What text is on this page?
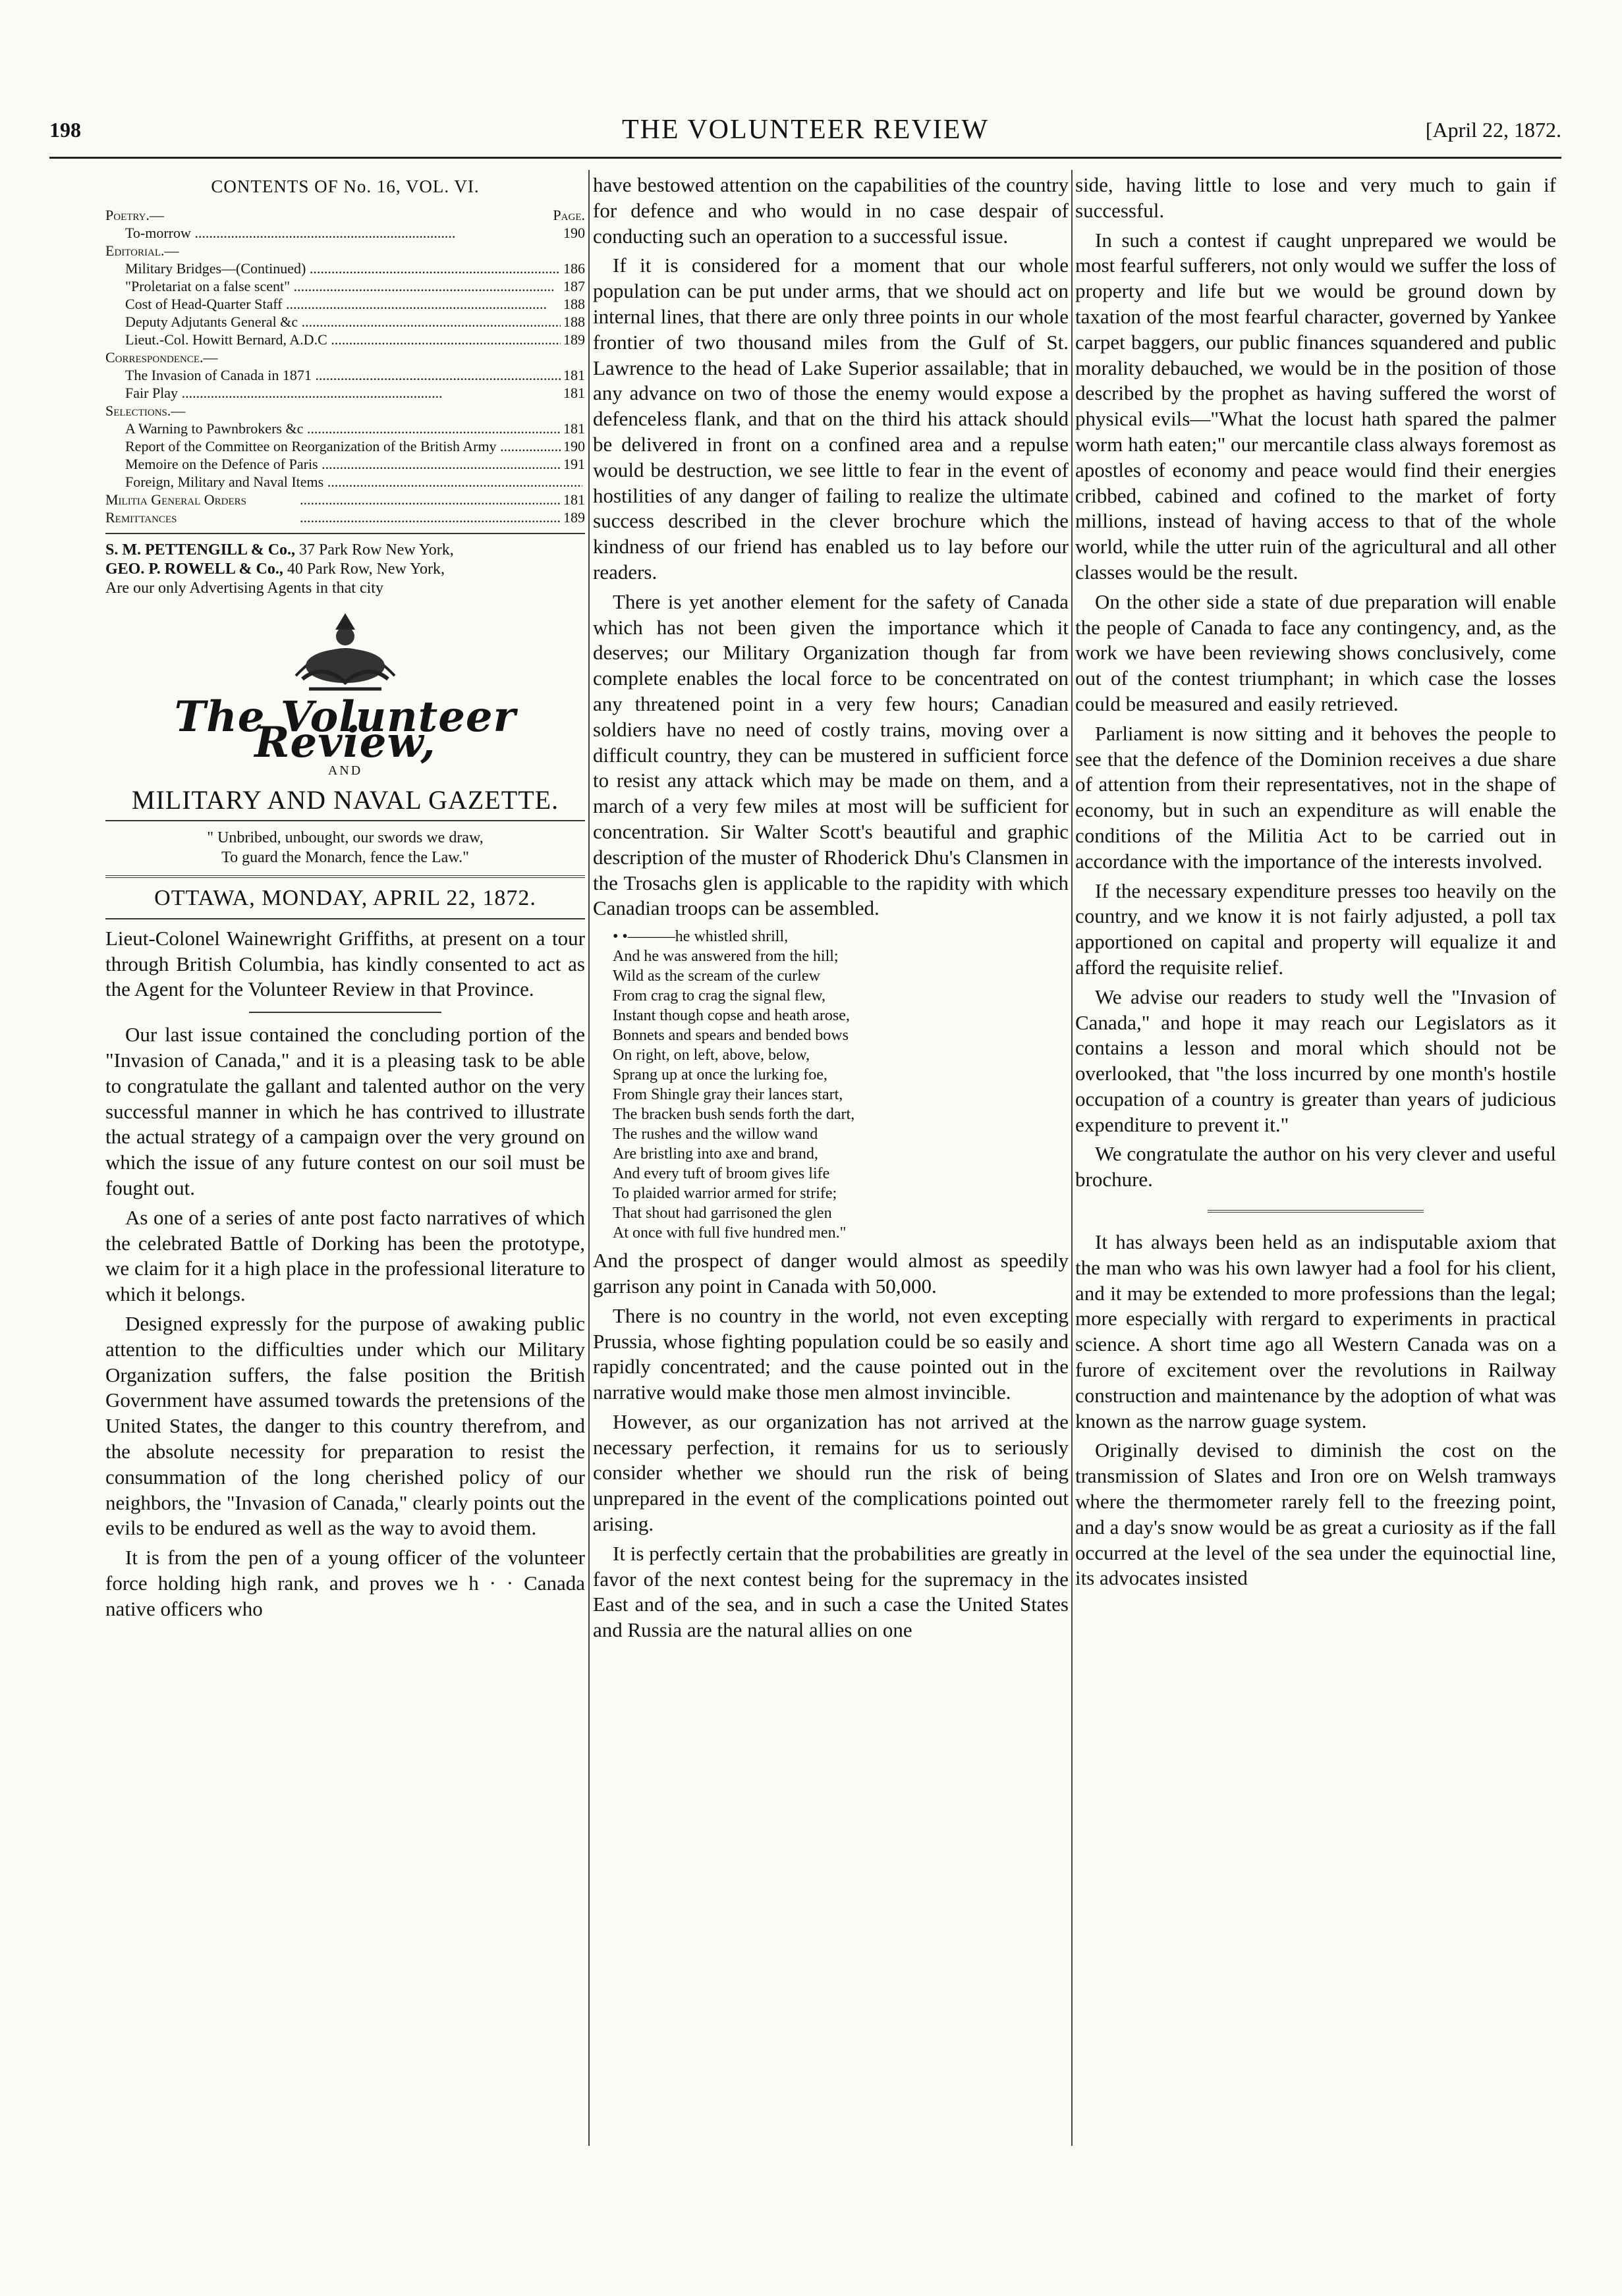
198	THE VOLUNTEER REVIEW	[April 22, 1872.
CONTENTS OF No. 16, VOL. VI.
Poetry.—	Page.
To-morrow .....	190
Editorial.—
Military Bridges—(Continued) .....	186
"Proletariat on a false scent" .....	187
Cost of Head-Quarter Staff .....	188
Deputy Adjutants General &c .....	188
Lieut.-Col. Howitt Bernard, A.D.C .....	189
Correspondence.—
The Invasion of Canada in 1871 .....	181
Fair Play .....	181
Selections.—
A Warning to Pawnbrokers &c .....	181
Report of the Committee on Reorganization of the British Army .....	190
Memoire on the Defence of Paris .....	191
Foreign, Military and Naval Items .....
Militia General Orders .....	181
Remittances .....	189
S. M. PETTENGILL & Co., 37 Park Row New York,
GEO. P. ROWELL & Co., 40 Park Row, New York,
Are our only Advertising Agents in that city
The Volunteer Review,
AND
MILITARY AND NAVAL GAZETTE.
" Unbribed, unbought, our swords we draw,
To guard the Monarch, fence the Law."
OTTAWA, MONDAY, APRIL 22, 1872.

Lieut-Colonel Wainewright Griffiths, at present on a tour through British Columbia, has kindly consented to act as the Agent for the Volunteer Review in that Province.

Our last issue contained the concluding portion of the "Invasion of Canada," and it is a pleasing task to be able to congratulate the gallant and talented author on the very successful manner in which he has contrived to illustrate the actual strategy of a campaign over the very ground on which the issue of any future contest on our soil must be fought out.

As one of a series of ante post facto narratives of which the celebrated Battle of Dorking has been the prototype, we claim for it a high place in the professional literature to which it belongs.

Designed expressly for the purpose of awaking public attention to the difficulties under which our Military Organization suffers, the false position the British Government have assumed towards the pretensions of the United States, the danger to this country therefrom, and the absolute necessity for preparation to resist the consummation of the long cherished policy of our neighbors, the "Invasion of Canada," clearly points out the evils to be endured as well as the way to avoid them.

It is from the pen of a young officer of the volunteer force holding high rank, and proves we h · · Canada native officers who

have bestowed attention on the capabilities of the country for defence and who would in no case despair of conducting such an operation to a successful issue.

If it is considered for a moment that our whole population can be put under arms, that we should act on internal lines, that there are only three points in our whole frontier of two thousand miles from the Gulf of St. Lawrence to the head of Lake Superior assailable; that in any advance on two of those the enemy would expose a defenceless flank, and that on the third his attack should be delivered in front on a confined area and a repulse would be destruction, we see little to fear in the event of hostilities of any danger of failing to realize the ultimate success described in the clever brochure which the kindness of our friend has enabled us to lay before our readers.

There is yet another element for the safety of Canada which has not been given the importance which it deserves; our Military Organization though far from complete enables the local force to be concentrated on any threatened point in a very few hours; Canadian soldiers have no need of costly trains, moving over a difficult country, they can be mustered in sufficient force to resist any attack which may be made on them, and a march of a very few miles at most will be sufficient for concentration. Sir Walter Scott's beautiful and graphic description of the muster of Rhoderick Dhu's Clansmen in the Trosachs glen is applicable to the rapidity with which Canadian troops can be assembled.

• •———he whistled shrill,
And he was answered from the hill;
Wild as the scream of the curlew
From crag to crag the signal flew,
Instant though copse and heath arose,
Bonnets and spears and bended bows
On right, on left, above, below,
Sprang up at once the lurking foe,
From Shingle gray their lances start,
The bracken bush sends forth the dart,
The rushes and the willow wand
Are bristling into axe and brand,
And every tuft of broom gives life
To plaided warrior armed for strife;
That shout had garrisoned the glen
At once with full five hundred men."

And the prospect of danger would almost as speedily garrison any point in Canada with 50,000.

There is no country in the world, not even excepting Prussia, whose fighting population could be so easily and rapidly concentrated; and the cause pointed out in the narrative would make those men almost invincible.

However, as our organization has not arrived at the necessary perfection, it remains for us to seriously consider whether we should run the risk of being unprepared in the event of the complications pointed out arising.

It is perfectly certain that the probabilities are greatly in favor of the next contest being for the supremacy in the East and of the sea, and in such a case the United States and Russia are the natural allies on one

side, having little to lose and very much to gain if successful.

In such a contest if caught unprepared we would be most fearful sufferers, not only would we suffer the loss of property and life but we would be ground down by taxation of the most fearful character, governed by Yankee carpet baggers, our public finances squandered and public morality debauched, we would be in the position of those described by the prophet as having suffered the worst of physical evils—"What the locust hath spared the palmer worm hath eaten;" our mercantile class always foremost as apostles of economy and peace would find their energies cribbed, cabined and cofined to the market of forty millions, instead of having access to that of the whole world, while the utter ruin of the agricultural and all other classes would be the result.

On the other side a state of due preparation will enable the people of Canada to face any contingency, and, as the work we have been reviewing shows conclusively, come out of the contest triumphant; in which case the losses could be measured and easily retrieved.

Parliament is now sitting and it behoves the people to see that the defence of the Dominion receives a due share of attention from their representatives, not in the shape of economy, but in such an expenditure as will enable the conditions of the Militia Act to be carried out in accordance with the importance of the interests involved.

If the necessary expenditure presses too heavily on the country, and we know it is not fairly adjusted, a poll tax apportioned on capital and property will equalize it and afford the requisite relief.

We advise our readers to study well the "Invasion of Canada," and hope it may reach our Legislators as it contains a lesson and moral which should not be overlooked, that "the loss incurred by one month's hostile occupation of a country is greater than years of judicious expenditure to prevent it."

We congratulate the author on his very clever and useful brochure.

It has always been held as an indisputable axiom that the man who was his own lawyer had a fool for his client, and it may be extended to more professions than the legal; more especially with rergard to experiments in practical science. A short time ago all Western Canada was on a furore of excitement over the revolutions in Railway construction and maintenance by the adoption of what was known as the narrow guage system.

Originally devised to diminish the cost on the transmission of Slates and Iron ore on Welsh tramways where the thermometer rarely fell to the freezing point, and a day's snow would be as great a curiosity as if the fall occurred at the level of the sea under the equinoctial line, its advocates insisted
